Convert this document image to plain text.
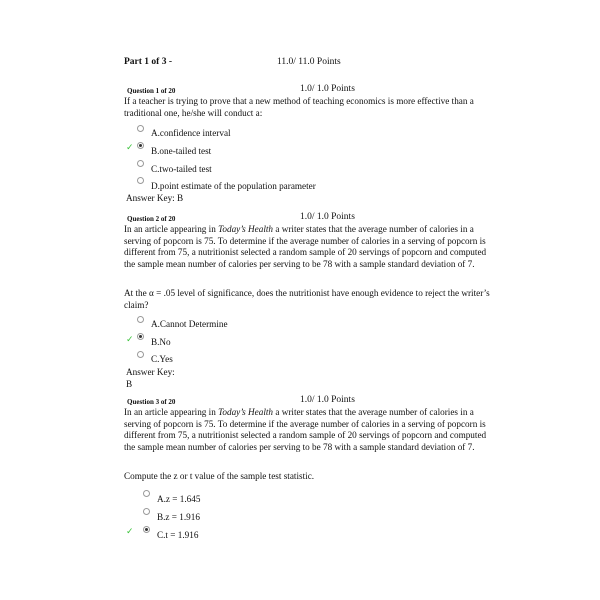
Part 1 of 3 -	11.0/ 11.0 Points
Question 1 of 20	1.0/ 1.0 Points
If a teacher is trying to prove that a new method of teaching economics is more effective than a traditional one, he/she will conduct a:
A.confidence interval
✓ B.one-tailed test
C.two-tailed test
D.point estimate of the population parameter
Answer Key: B
Question 2 of 20	1.0/ 1.0 Points
In an article appearing in Today’s Health a writer states that the average number of calories in a serving of popcorn is 75. To determine if the average number of calories in a serving of popcorn is different from 75, a nutritionist selected a random sample of 20 servings of popcorn and computed the sample mean number of calories per serving to be 78 with a sample standard deviation of 7.
At the α = .05 level of significance, does the nutritionist have enough evidence to reject the writer’s claim?
A.Cannot Determine
✓ B.No
C.Yes
Answer Key:
B
Question 3 of 20	1.0/ 1.0 Points
In an article appearing in Today’s Health a writer states that the average number of calories in a serving of popcorn is 75. To determine if the average number of calories in a serving of popcorn is different from 75, a nutritionist selected a random sample of 20 servings of popcorn and computed the sample mean number of calories per serving to be 78 with a sample standard deviation of 7.
Compute the z or t value of the sample test statistic.
A.z = 1.645
B.z = 1.916
✓	C.t = 1.916
